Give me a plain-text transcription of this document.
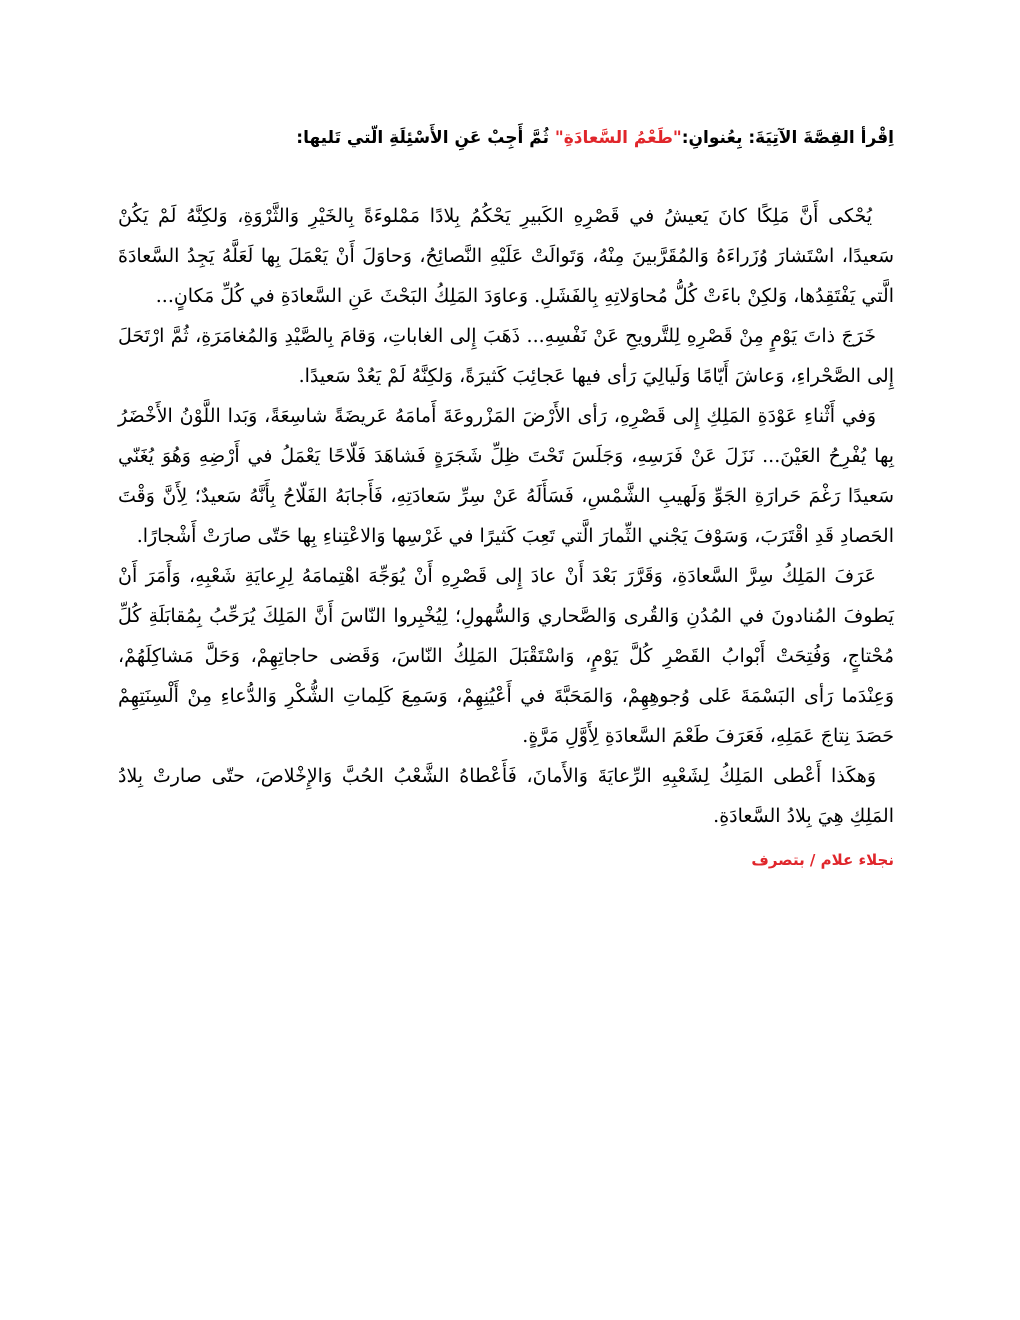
اِقْرأ القِصَّةَ الآتِيَةَ: بِعُنوانِ:"طَعْمُ السَّعادَةِ" ثُمَّ أَجِبْ عَنِ الأَسْئِلَةِ الّتي تَليها:

يُحْكى أَنَّ مَلِكًا كانَ يَعيشُ في قَصْرِهِ الكَبيرِ يَحْكُمُ بِلادًا مَمْلوءَةً بِالخَيْرِ وَالثَّرْوَةِ، وَلكِنَّهُ لَمْ يَكُنْ سَعيدًا، اسْتَشارَ وُزَراءَهُ وَالمُقَرَّبينَ مِنْهُ، وَتَوالَتْ عَلَيْهِ النَّصائِحُ، وَحاوَلَ أَنْ يَعْمَلَ بِها لَعَلَّهُ يَجِدُ السَّعادَةَ الَّتي يَفْتَقِدُها، وَلكِنْ باءَتْ كُلُّ مُحاوَلاتِهِ بِالفَشَلِ. وَعاوَدَ المَلِكُ البَحْثَ عَنِ السَّعادَةِ في كُلِّ مَكانٍ...

خَرَجَ ذاتَ يَوْمٍ مِنْ قَصْرِهِ لِلتَّرويحِ عَنْ نَفْسِهِ... ذَهَبَ إِلى الغاباتِ، وَقامَ بِالصَّيْدِ وَالمُغامَرَةِ، ثُمَّ ارْتَحَلَ إِلى الصَّحْراءِ، وَعاشَ أَيّامًا وَلَيالِيَ رَأى فيها عَجائِبَ كَثيرَةً، وَلكِنَّهُ لَمْ يَعُدْ سَعيدًا.

وَفي أَثْناءِ عَوْدَةِ المَلِكِ إِلى قَصْرِهِ، رَأى الأَرْضَ المَزْروعَةَ أَمامَهُ عَريضَةً شاسِعَةً، وَبَدا اللَّوْنُ الأَخْضَرُ بِها يُفْرِحُ العَيْنَ... نَزَلَ عَنْ فَرَسِهِ، وَجَلَسَ تَحْتَ ظِلِّ شَجَرَةٍ فَشاهَدَ فَلّاحًا يَعْمَلُ في أَرْضِهِ وَهُوَ يُغَنّي سَعيدًا رَغْمَ حَرارَةِ الجَوِّ وَلَهيبِ الشَّمْسِ، فَسَأَلَهُ عَنْ سِرِّ سَعادَتِهِ، فَأَجابَهُ الفَلّاحُ بِأَنَّهُ سَعيدٌ؛ لِأَنَّ وَقْتَ الحَصادِ قَدِ اقْتَرَبَ، وَسَوْفَ يَجْني الثِّمارَ الَّتي تَعِبَ كَثيرًا في غَرْسِها وَالاعْتِناءِ بِها حَتّى صارَتْ أَشْجارًا.

عَرَفَ المَلِكُ سِرَّ السَّعادَةِ، وَقَرَّرَ بَعْدَ أَنْ عادَ إِلى قَصْرِهِ أَنْ يُوَجِّهَ اهْتِمامَهُ لِرِعايَةِ شَعْبِهِ، وَأَمَرَ أَنْ يَطوفَ المُنادونَ في المُدُنِ وَالقُرى وَالصَّحاري وَالسُّهولِ؛ لِيُخْبِروا النّاسَ أَنَّ المَلِكَ يُرَحِّبُ بِمُقابَلَةِ كُلِّ مُحْتاجٍ، وَفُتِحَتْ أَبْوابُ القَصْرِ كُلَّ يَوْمٍ، وَاسْتَقْبَلَ المَلِكُ النّاسَ، وَقَضى حاجاتِهِمْ، وَحَلَّ مَشاكِلَهُمْ، وَعِنْدَما رَأى البَسْمَةَ عَلى وُجوهِهِمْ، وَالمَحَبَّةَ في أَعْيُنِهِمْ، وَسَمِعَ كَلِماتِ الشُّكْرِ وَالدُّعاءِ مِنْ أَلْسِنَتِهِمْ حَصَدَ نِتاجَ عَمَلِهِ، فَعَرَفَ طَعْمَ السَّعادَةِ لِأَوَّلِ مَرَّةٍ.

وَهكَذا أَعْطى المَلِكُ لِشَعْبِهِ الرِّعايَةَ وَالأَمانَ، فَأَعْطاهُ الشَّعْبُ الحُبَّ وَالإِخْلاصَ، حتّى صارتْ بِلادُ المَلِكِ هِيَ بِلادُ السَّعادَةِ.

نجلاء علام / بتصرف
